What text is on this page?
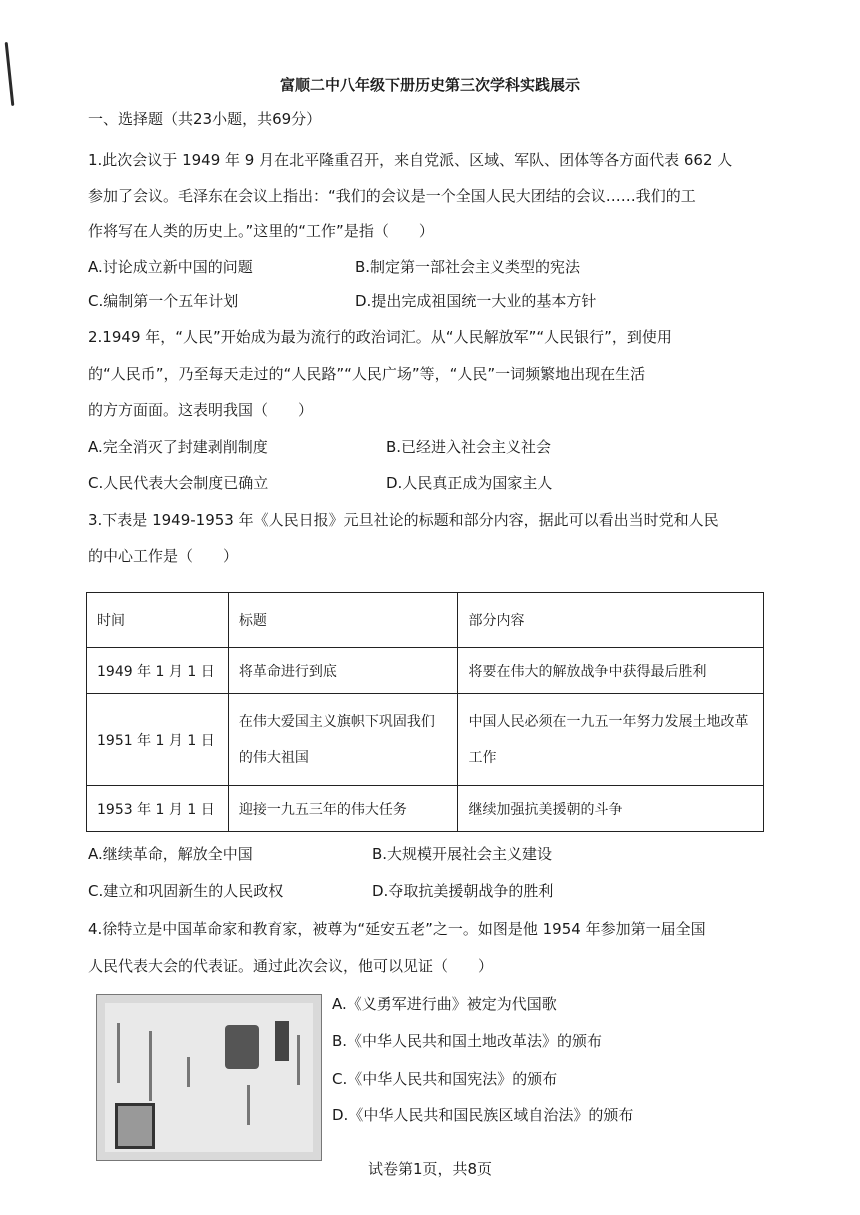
富顺二中八年级下册历史第三次学科实践展示
一、选择题（共23小题，共69分）
1.此次会议于 1949 年 9 月在北平隆重召开，来自党派、区域、军队、团体等各方面代表 662 人
参加了会议。毛泽东在会议上指出：“我们的会议是一个全国人民大团结的会议……我们的工
作将写在人类的历史上。”这里的“工作”是指（　　）
A.讨论成立新中国的问题	B.制定第一部社会主义类型的宪法
C.编制第一个五年计划	D.提出完成祖国统一大业的基本方针
2.1949 年，“人民”开始成为最为流行的政治词汇。从“人民解放军”“人民银行”，到使用
的“人民币”，乃至每天走过的“人民路”“人民广场”等，“人民”一词频繁地出现在生活
的方方面面。这表明我国（　　）
A.完全消灭了封建剥削制度	B.已经进入社会主义社会
C.人民代表大会制度已确立	D.人民真正成为国家主人
3.下表是 1949-1953 年《人民日报》元旦社论的标题和部分内容，据此可以看出当时党和人民
的中心工作是（　　）
时间	标题	部分内容
1949 年 1 月 1 日	将革命进行到底	将要在伟大的解放战争中获得最后胜利
1951 年 1 月 1 日	在伟大爱国主义旗帜下巩固我们的伟大祖国	中国人民必须在一九五一年努力发展土地改革工作
1953 年 1 月 1 日	迎接一九五三年的伟大任务	继续加强抗美援朝的斗争
A.继续革命，解放全中国	B.大规模开展社会主义建设
C.建立和巩固新生的人民政权	D.夺取抗美援朝战争的胜利
4.徐特立是中国革命家和教育家，被尊为“延安五老”之一。如图是他 1954 年参加第一届全国
人民代表大会的代表证。通过此次会议，他可以见证（　　）
A.《义勇军进行曲》被定为代国歌
B.《中华人民共和国土地改革法》的颁布
C.《中华人民共和国宪法》的颁布
D.《中华人民共和国民族区域自治法》的颁布
试卷第1页，共8页
